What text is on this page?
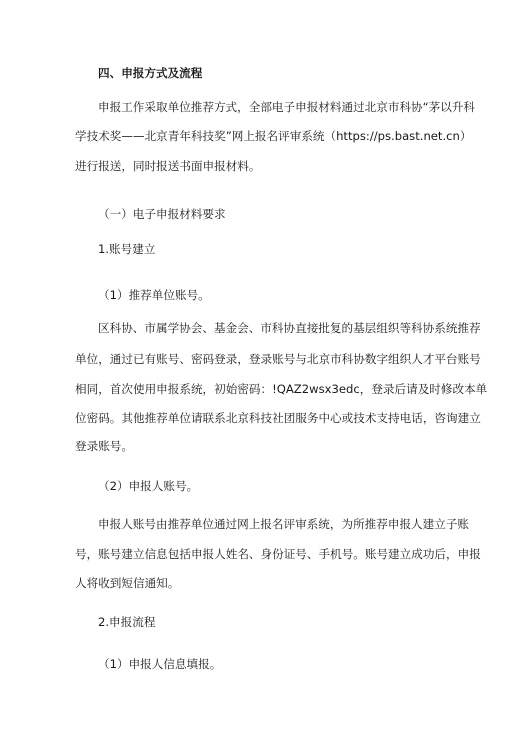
四、申报方式及流程
申报工作采取单位推荐方式，全部电子申报材料通过北京市科协“茅以升科
学技术奖——北京青年科技奖”网上报名评审系统（https://ps.bast.net.cn）
进行报送，同时报送书面申报材料。
（一）电子申报材料要求
1.账号建立
（1）推荐单位账号。
区科协、市属学协会、基金会、市科协直接批复的基层组织等科协系统推荐
单位，通过已有账号、密码登录，登录账号与北京市科协数字组织人才平台账号
相同，首次使用申报系统，初始密码：!QAZ2wsx3edc，登录后请及时修改本单
位密码。其他推荐单位请联系北京科技社团服务中心或技术支持电话，咨询建立
登录账号。
（2）申报人账号。
申报人账号由推荐单位通过网上报名评审系统，为所推荐申报人建立子账
号，账号建立信息包括申报人姓名、身份证号、手机号。账号建立成功后，申报
人将收到短信通知。
2.申报流程
（1）申报人信息填报。
